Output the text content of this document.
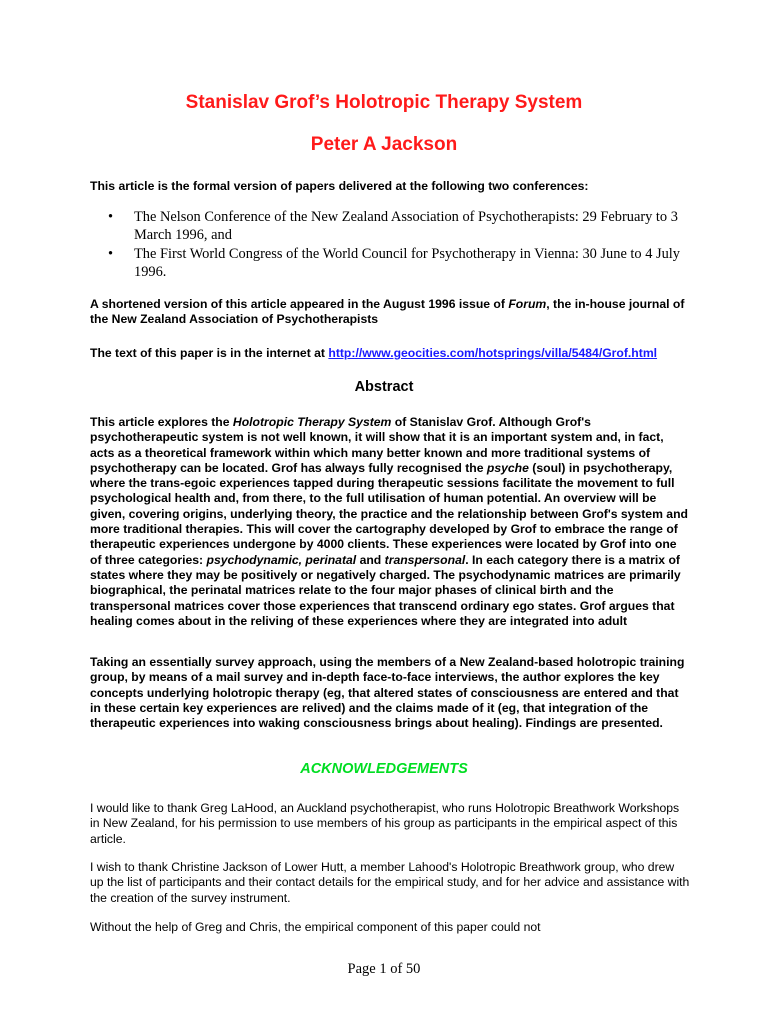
Stanislav Grof’s Holotropic Therapy System
Peter A Jackson
This article is the formal version of papers delivered at the following two conferences:
• The Nelson Conference of the New Zealand Association of Psychotherapists: 29 February to 3 March 1996, and
• The First World Congress of the World Council for Psychotherapy in Vienna: 30 June to 4 July 1996.
A shortened version of this article appeared in the August 1996 issue of Forum, the in-house journal of the New Zealand Association of Psychotherapists
The text of this paper is in the internet at http://www.geocities.com/hotsprings/villa/5484/Grof.html
Abstract
This article explores the Holotropic Therapy System of Stanislav Grof. Although Grof's psychotherapeutic system is not well known, it will show that it is an important system and, in fact, acts as a theoretical framework within which many better known and more traditional systems of psychotherapy can be located. Grof has always fully recognised the psyche (soul) in psychotherapy, where the trans-egoic experiences tapped during therapeutic sessions facilitate the movement to full psychological health and, from there, to the full utilisation of human potential. An overview will be given, covering origins, underlying theory, the practice and the relationship between Grof's system and more traditional therapies. This will cover the cartography developed by Grof to embrace the range of therapeutic experiences undergone by 4000 clients. These experiences were located by Grof into one of three categories: psychodynamic, perinatal and transpersonal. In each category there is a matrix of states where they may be positively or negatively charged. The psychodynamic matrices are primarily biographical, the perinatal matrices relate to the four major phases of clinical birth and the transpersonal matrices cover those experiences that transcend ordinary ego states. Grof argues that healing comes about in the reliving of these experiences where they are integrated into adult
Taking an essentially survey approach, using the members of a New Zealand-based holotropic training group, by means of a mail survey and in-depth face-to-face interviews, the author explores the key concepts underlying holotropic therapy (eg, that altered states of consciousness are entered and that in these certain key experiences are relived) and the claims made of it (eg, that integration of the therapeutic experiences into waking consciousness brings about healing). Findings are presented.
ACKNOWLEDGEMENTS
I would like to thank Greg LaHood, an Auckland psychotherapist, who runs Holotropic Breathwork Workshops in New Zealand, for his permission to use members of his group as participants in the empirical aspect of this article.
I wish to thank Christine Jackson of Lower Hutt, a member Lahood's Holotropic Breathwork group, who drew up the list of participants and their contact details for the empirical study, and for her advice and assistance with the creation of the survey instrument.
Without the help of Greg and Chris, the empirical component of this paper could not
Page 1 of 50
